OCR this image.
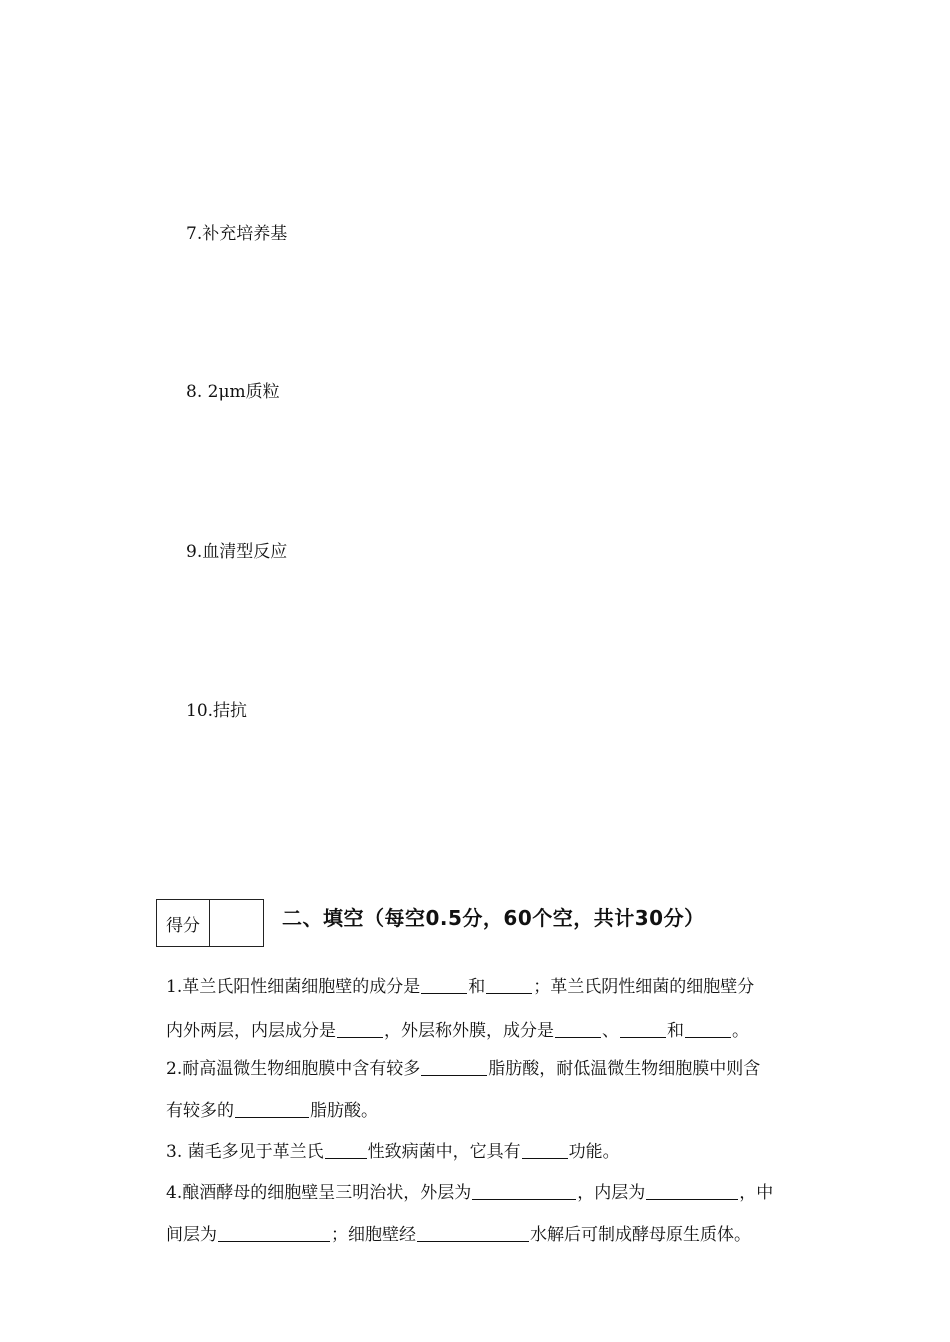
7.补充培养基
8. 2μm质粒
9.血清型反应
10.拮抗
得分	二、填空（每空0.5分，60个空，共计30分）
1.革兰氏阳性细菌细胞壁的成分是	和	；革兰氏阴性细菌的细胞壁分
内外两层，内层成分是	，外层称外膜，成分是	、	和	。
2.耐高温微生物细胞膜中含有较多	脂肪酸，耐低温微生物细胞膜中则含
有较多的	脂肪酸。
3. 菌毛多见于革兰氏	性致病菌中，它具有	功能。
4.酿酒酵母的细胞壁呈三明治状，外层为	，内层为	，中
间层为	；细胞壁经	水解后可制成酵母原生质体。
